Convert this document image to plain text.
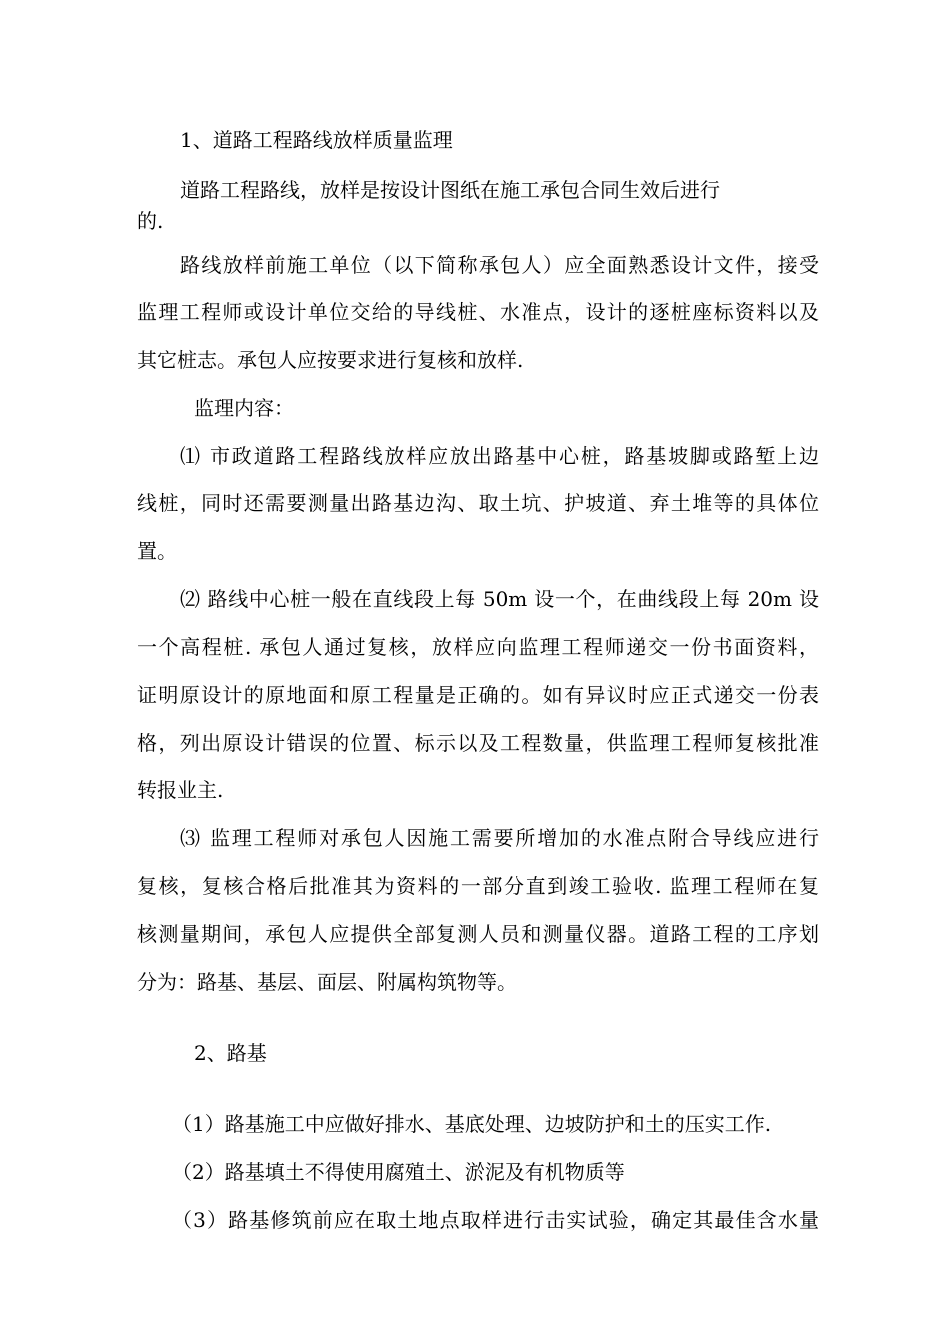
1、道路工程路线放样质量监理

道路工程路线，放样是按设计图纸在施工承包合同生效后进行

的.

路线放样前施工单位（以下简称承包人）应全面熟悉设计文件，接受

监理工程师或设计单位交给的导线桩、水准点，设计的逐桩座标资料以及

其它桩志。承包人应按要求进行复核和放样.

监理内容：

⑴ 市政道路工程路线放样应放出路基中心桩，路基坡脚或路堑上边

线桩，同时还需要测量出路基边沟、取土坑、护坡道、弃土堆等的具体位

置。

⑵ 路线中心桩一般在直线段上每 50m 设一个，在曲线段上每 20m 设

一个高程桩. 承包人通过复核，放样应向监理工程师递交一份书面资料，

证明原设计的原地面和原工程量是正确的。如有异议时应正式递交一份表

格，列出原设计错误的位置、标示以及工程数量，供监理工程师复核批准

转报业主.

⑶ 监理工程师对承包人因施工需要所增加的水准点附合导线应进行

复核，复核合格后批准其为资料的一部分直到竣工验收. 监理工程师在复

核测量期间，承包人应提供全部复测人员和测量仪器。道路工程的工序划

分为：路基、基层、面层、附属构筑物等。

2、路基

（1）路基施工中应做好排水、基底处理、边坡防护和土的压实工作.

（2）路基填土不得使用腐殖土、淤泥及有机物质等

（3）路基修筑前应在取土地点取样进行击实试验，确定其最佳含水量
